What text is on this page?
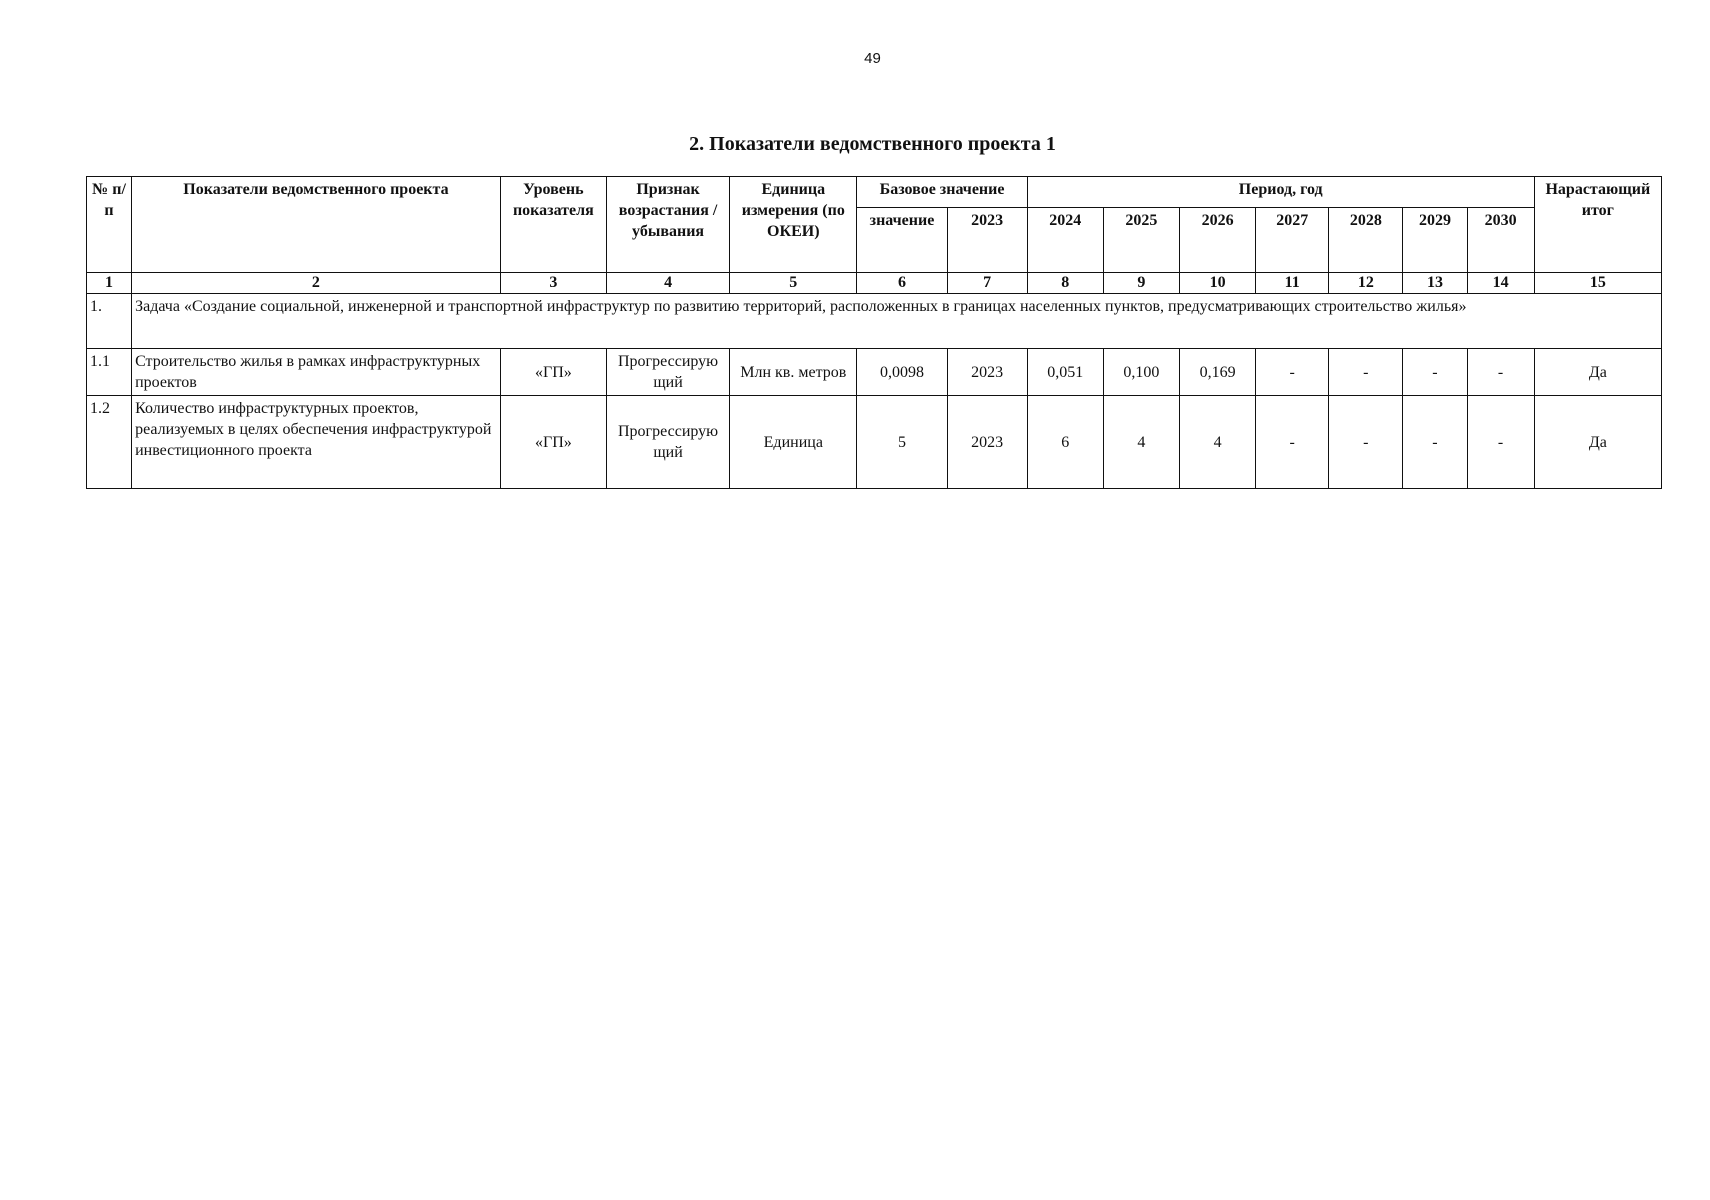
49
2. Показатели ведомственного проекта 1
№ п/п	Показатели ведомственного проекта	Уровень показателя	Признак возрастания / убывания	Единица измерения (по ОКЕИ)	Базовое значение		Период, год							Нарастающий итог
					значение	2023	2024	2025	2026	2027	2028	2029	2030	
1	2	3	4	5	6	7	8	9	10	11	12	13	14	15
1.	Задача «Создание социальной, инженерной и транспортной инфраструктур по развитию территорий, расположенных в границах населенных пунктов, предусматривающих строительство жилья»													
1.1	Строительство жилья в рамках инфраструктурных проектов	«ГП»	Прогрессирую щий	Млн кв. метров	0,0098	2023	0,051	0,100	0,169	-	-	-	-	Да
1.2	Количество инфраструктурных проектов, реализуемых в целях обеспечения инфраструктурой инвестиционного проекта	«ГП»	Прогрессирую щий	Единица	5	2023	6	4	4	-	-	-	-	Да
